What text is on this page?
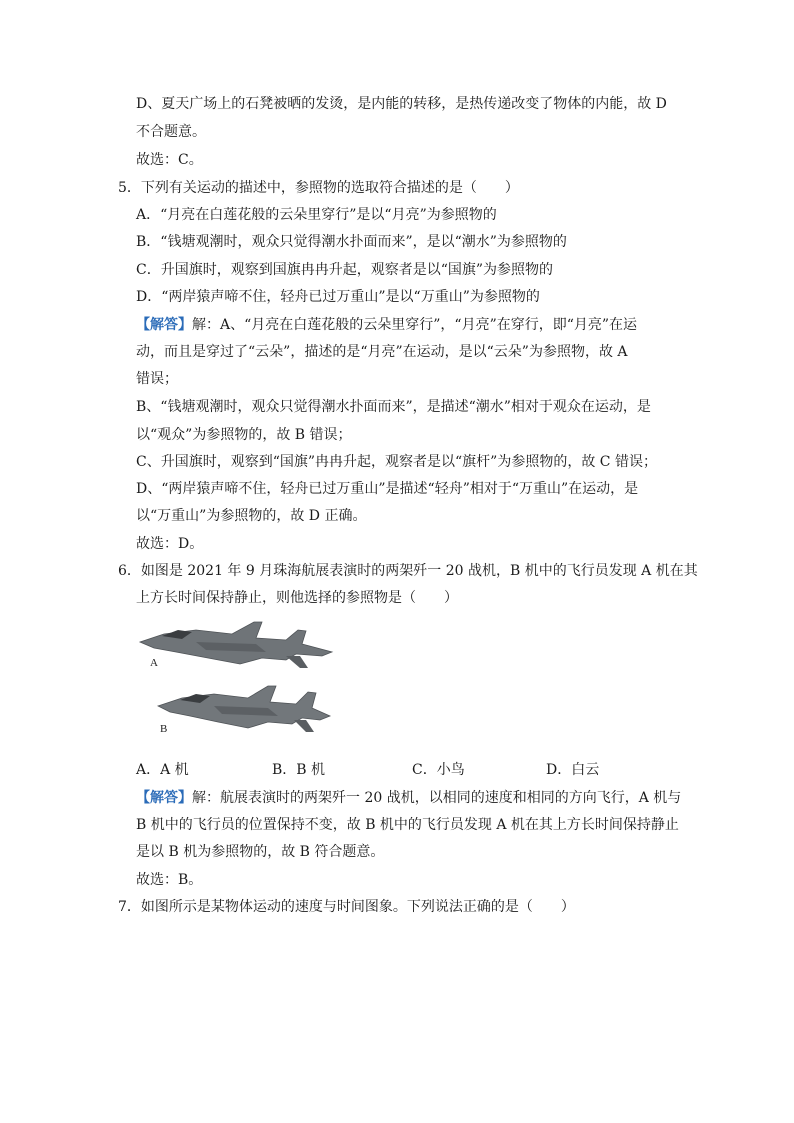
D、夏天广场上的石凳被晒的发烫，是内能的转移，是热传递改变了物体的内能，故 D
不合题意。
故选：C。
5．下列有关运动的描述中，参照物的选取符合描述的是（　　）
A．“月亮在白莲花般的云朵里穿行”是以“月亮”为参照物的
B．“钱塘观潮时，观众只觉得潮水扑面而来”，是以“潮水”为参照物的
C．升国旗时，观察到国旗冉冉升起，观察者是以“国旗”为参照物的
D．“两岸猿声啼不住，轻舟已过万重山”是以“万重山”为参照物的
【解答】解：A、“月亮在白莲花般的云朵里穿行”，“月亮”在穿行，即“月亮”在运
动，而且是穿过了“云朵”，描述的是“月亮”在运动，是以“云朵”为参照物，故 A
错误；
B、“钱塘观潮时，观众只觉得潮水扑面而来”，是描述“潮水”相对于观众在运动，是
以“观众”为参照物的，故 B 错误；
C、升国旗时，观察到“国旗”冉冉升起，观察者是以“旗杆”为参照物的，故 C 错误；
D、“两岸猿声啼不住，轻舟已过万重山”是描述“轻舟”相对于“万重山”在运动，是
以“万重山”为参照物的，故 D 正确。
故选：D。
6．如图是 2021 年 9 月珠海航展表演时的两架歼一 20 战机，B 机中的飞行员发现 A 机在其
上方长时间保持静止，则他选择的参照物是（　　）
A
B
A．A 机	B．B 机	C．小鸟	D．白云
【解答】解：航展表演时的两架歼一 20 战机，以相同的速度和相同的方向飞行，A 机与
B 机中的飞行员的位置保持不变，故 B 机中的飞行员发现 A 机在其上方长时间保持静止
是以 B 机为参照物的，故 B 符合题意。
故选：B。
7．如图所示是某物体运动的速度与时间图象。下列说法正确的是（　　）
